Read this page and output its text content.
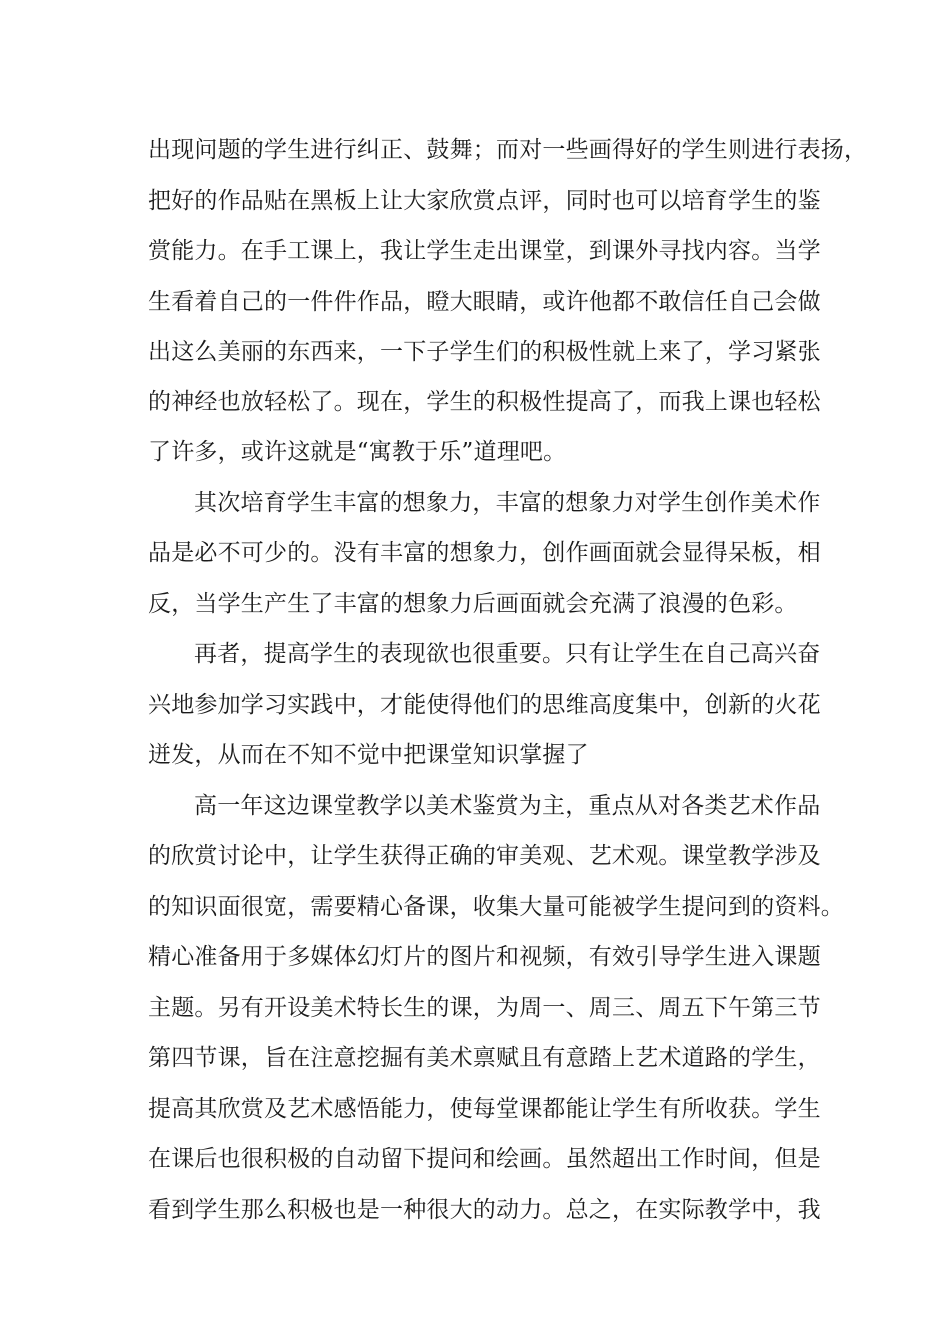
出现问题的学生进行纠正、鼓舞；而对一些画得好的学生则进行表扬，

把好的作品贴在黑板上让大家欣赏点评，同时也可以培育学生的鉴

赏能力。在手工课上，我让学生走出课堂，到课外寻找内容。当学

生看着自己的一件件作品，瞪大眼睛，或许他都不敢信任自己会做

出这么美丽的东西来，一下子学生们的积极性就上来了，学习紧张

的神经也放轻松了。现在，学生的积极性提高了，而我上课也轻松

了许多，或许这就是“寓教于乐”道理吧。

其次培育学生丰富的想象力，丰富的想象力对学生创作美术作

品是必不可少的。没有丰富的想象力，创作画面就会显得呆板，相

反，当学生产生了丰富的想象力后画面就会充满了浪漫的色彩。

再者，提高学生的表现欲也很重要。只有让学生在自己高兴奋

兴地参加学习实践中，才能使得他们的思维高度集中，创新的火花

迸发，从而在不知不觉中把课堂知识掌握了

高一年这边课堂教学以美术鉴赏为主，重点从对各类艺术作品

的欣赏讨论中，让学生获得正确的审美观、艺术观。课堂教学涉及

的知识面很宽，需要精心备课，收集大量可能被学生提问到的资料。

精心准备用于多媒体幻灯片的图片和视频，有效引导学生进入课题

主题。另有开设美术特长生的课，为周一、周三、周五下午第三节

第四节课，旨在注意挖掘有美术禀赋且有意踏上艺术道路的学生，

提高其欣赏及艺术感悟能力，使每堂课都能让学生有所收获。学生

在课后也很积极的自动留下提问和绘画。虽然超出工作时间，但是

看到学生那么积极也是一种很大的动力。总之，在实际教学中，我
